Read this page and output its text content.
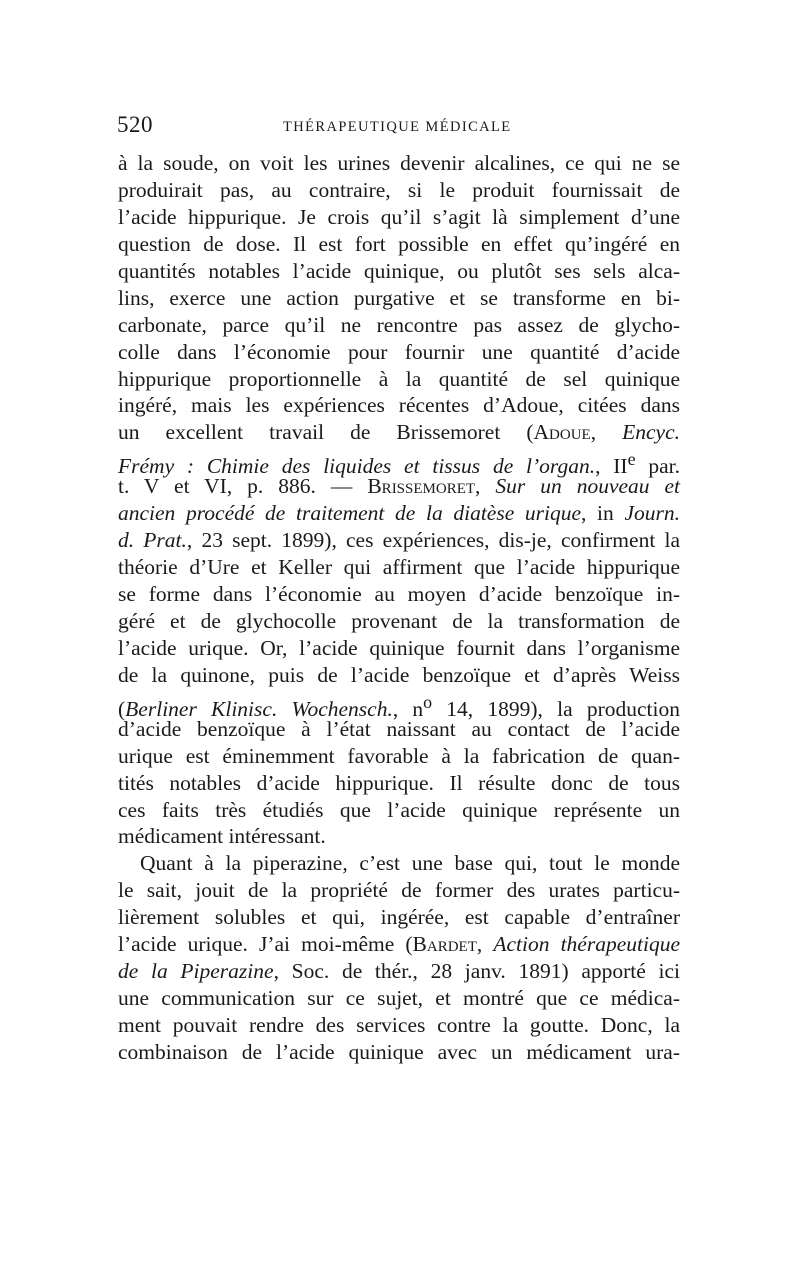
520	THÉRAPEUTIQUE MÉDICALE
à la soude, on voit les urines devenir alcalines, ce qui ne se
produirait pas, au contraire, si le produit fournissait de
l’acide hippurique. Je crois qu’il s’agit là simplement d’une
question de dose. Il est fort possible en effet qu’ingéré en
quantités notables l’acide quinique, ou plutôt ses sels alca-
lins, exerce une action purgative et se transforme en bi-
carbonate, parce qu’il ne rencontre pas assez de glycho-
colle dans l’économie pour fournir une quantité d’acide
hippurique proportionnelle à la quantité de sel quinique
ingéré, mais les expériences récentes d’Adoue, citées dans
un excellent travail de Brissemoret (Adoue, Encyc.
Frémy : Chimie des liquides et tissus de l’organ., IIe par.
t. V et VI, p. 886. — Brissemoret, Sur un nouveau et
ancien procédé de traitement de la diatèse urique, in Journ.
d. Prat., 23 sept. 1899), ces expériences, dis-je, confirment la
théorie d’Ure et Keller qui affirment que l’acide hippurique
se forme dans l’économie au moyen d’acide benzoïque in-
géré et de glychocolle provenant de la transformation de
l’acide urique. Or, l’acide quinique fournit dans l’organisme
de la quinone, puis de l’acide benzoïque et d’après Weiss
(Berliner Klinisc. Wochensch., $n^o$ 14, 1899), la production
d’acide benzoïque à l’état naissant au contact de l’acide
urique est éminemment favorable à la fabrication de quan-
tités notables d’acide hippurique. Il résulte donc de tous
ces faits très étudiés que l’acide quinique représente un
médicament intéressant.
Quant à la piperazine, c’est une base qui, tout le monde
le sait, jouit de la propriété de former des urates particu-
lièrement solubles et qui, ingérée, est capable d’entraîner
l’acide urique. J’ai moi-même (Bardet, Action thérapeutique
de la Piperazine, Soc. de thér., 28 janv. 1891) apporté ici
une communication sur ce sujet, et montré que ce médica-
ment pouvait rendre des services contre la goutte. Donc, la
combinaison de l’acide quinique avec un médicament ura-
